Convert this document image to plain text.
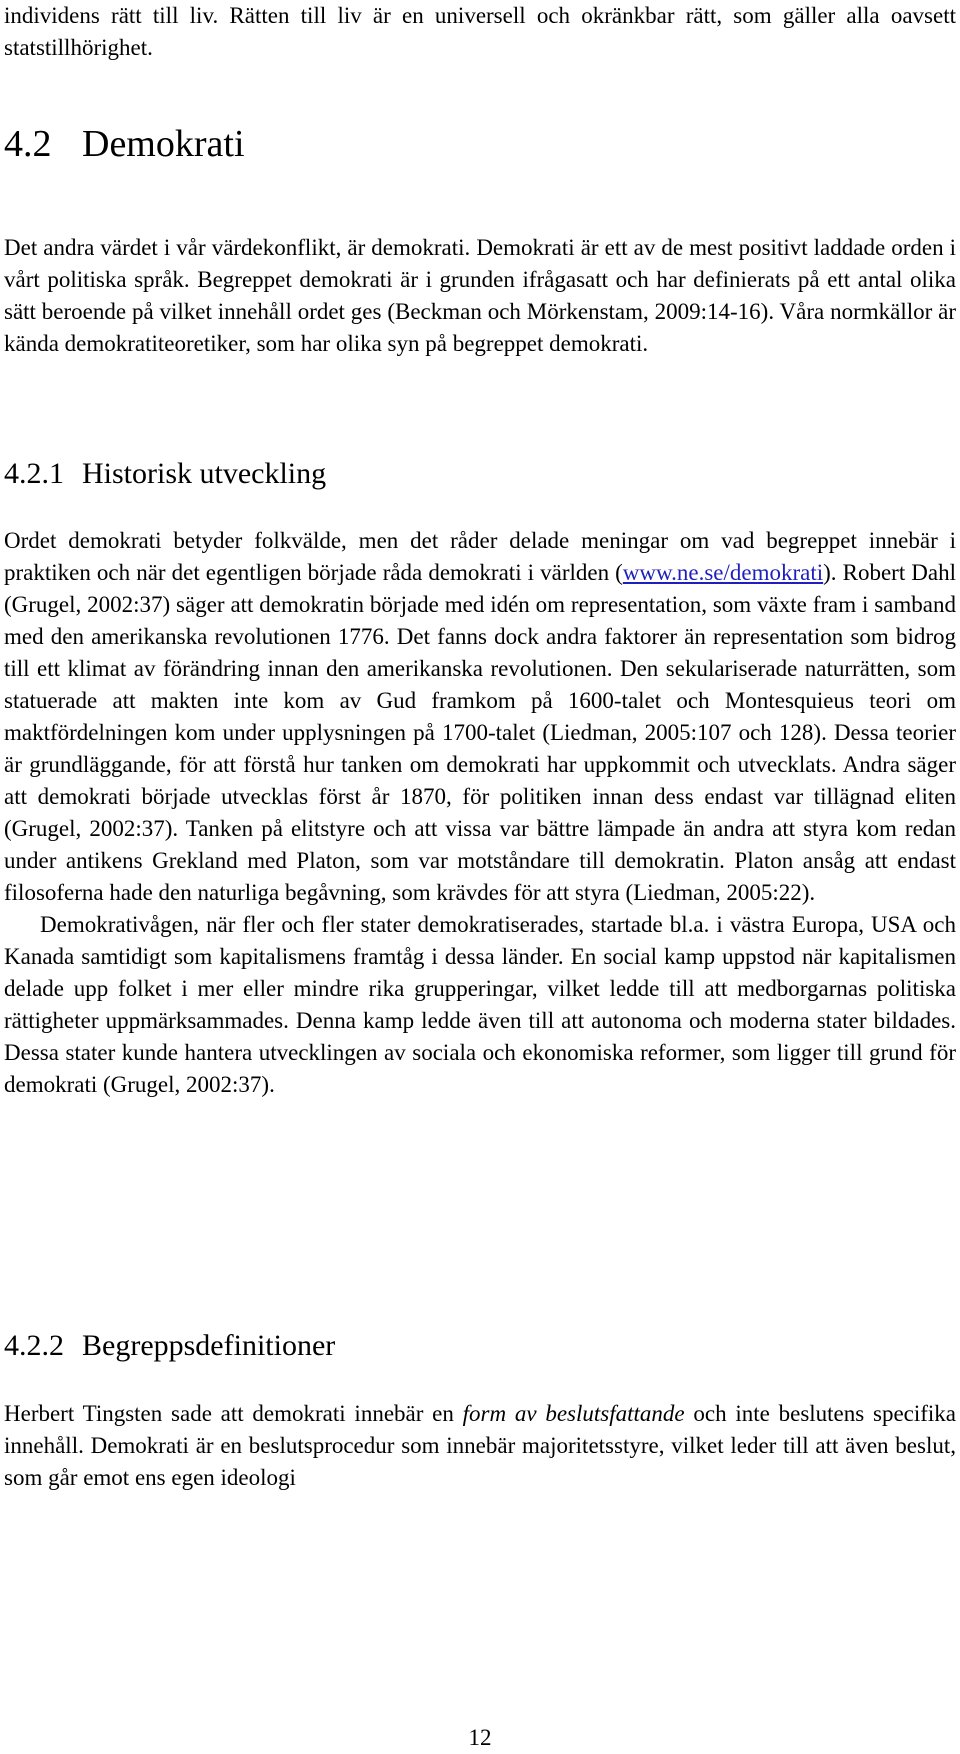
individens rätt till liv. Rätten till liv är en universell och okränkbar rätt, som gäller alla oavsett statstillhörighet.

4.2 Demokrati

Det andra värdet i vår värdekonflikt, är demokrati. Demokrati är ett av de mest positivt laddade orden i vårt politiska språk. Begreppet demokrati är i grunden ifrågasatt och har definierats på ett antal olika sätt beroende på vilket innehåll ordet ges (Beckman och Mörkenstam, 2009:14-16). Våra normkällor är kända demokratiteoretiker, som har olika syn på begreppet demokrati.

4.2.1 Historisk utveckling

Ordet demokrati betyder folkvälde, men det råder delade meningar om vad begreppet innebär i praktiken och när det egentligen började råda demokrati i världen (www.ne.se/demokrati). Robert Dahl (Grugel, 2002:37) säger att demokratin började med idén om representation, som växte fram i samband med den amerikanska revolutionen 1776. Det fanns dock andra faktorer än representation som bidrog till ett klimat av förändring innan den amerikanska revolutionen. Den sekulariserade naturrätten, som statuerade att makten inte kom av Gud framkom på 1600-talet och Montesquieus teori om maktfördelningen kom under upplysningen på 1700-talet (Liedman, 2005:107 och 128). Dessa teorier är grundläggande, för att förstå hur tanken om demokrati har uppkommit och utvecklats. Andra säger att demokrati började utvecklas först år 1870, för politiken innan dess endast var tillägnad eliten (Grugel, 2002:37). Tanken på elitstyre och att vissa var bättre lämpade än andra att styra kom redan under antikens Grekland med Platon, som var motståndare till demokratin. Platon ansåg att endast filosoferna hade den naturliga begåvning, som krävdes för att styra (Liedman, 2005:22).

Demokrativågen, när fler och fler stater demokratiserades, startade bl.a. i västra Europa, USA och Kanada samtidigt som kapitalismens framtåg i dessa länder. En social kamp uppstod när kapitalismen delade upp folket i mer eller mindre rika grupperingar, vilket ledde till att medborgarnas politiska rättigheter uppmärksammades. Denna kamp ledde även till att autonoma och moderna stater bildades. Dessa stater kunde hantera utvecklingen av sociala och ekonomiska reformer, som ligger till grund för demokrati (Grugel, 2002:37).

4.2.2 Begreppsdefinitioner

Herbert Tingsten sade att demokrati innebär en form av beslutsfattande och inte beslutens specifika innehåll. Demokrati är en beslutsprocedur som innebär majoritetsstyre, vilket leder till att även beslut, som går emot ens egen ideologi

12
